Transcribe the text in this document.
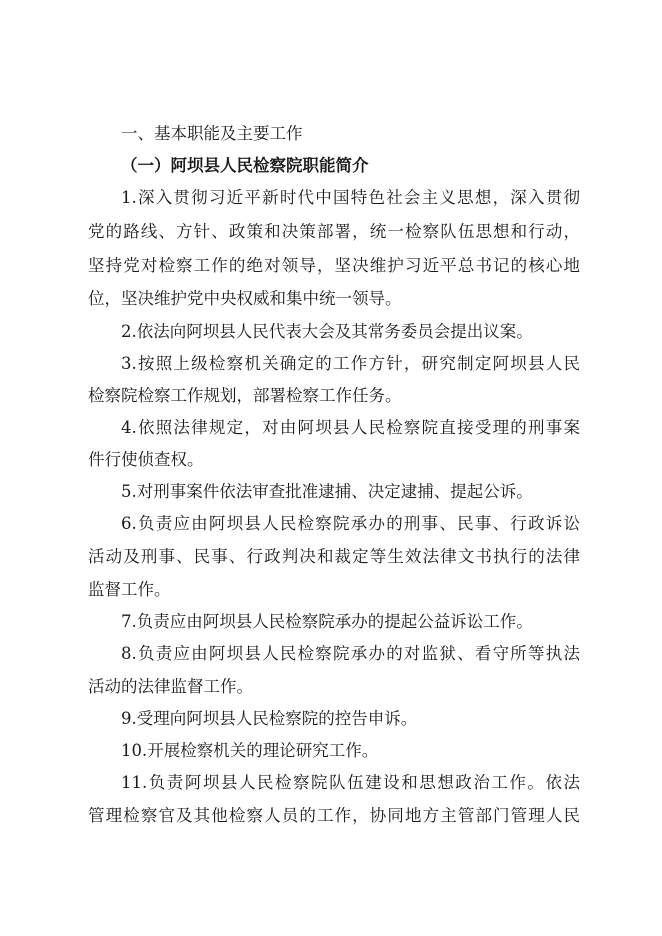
一、基本职能及主要工作
（一）阿坝县人民检察院职能简介
1.深入贯彻习近平新时代中国特色社会主义思想，深入贯彻
党的路线、方针、政策和决策部署，统一检察队伍思想和行动，
坚持党对检察工作的绝对领导，坚决维护习近平总书记的核心地
位，坚决维护党中央权威和集中统一领导。
2.依法向阿坝县人民代表大会及其常务委员会提出议案。
3.按照上级检察机关确定的工作方针，研究制定阿坝县人民
检察院检察工作规划，部署检察工作任务。
4.依照法律规定，对由阿坝县人民检察院直接受理的刑事案
件行使侦查权。
5.对刑事案件依法审查批准逮捕、决定逮捕、提起公诉。
6.负责应由阿坝县人民检察院承办的刑事、民事、行政诉讼
活动及刑事、民事、行政判决和裁定等生效法律文书执行的法律
监督工作。
7.负责应由阿坝县人民检察院承办的提起公益诉讼工作。
8.负责应由阿坝县人民检察院承办的对监狱、看守所等执法
活动的法律监督工作。
9.受理向阿坝县人民检察院的控告申诉。
10.开展检察机关的理论研究工作。
11.负责阿坝县人民检察院队伍建设和思想政治工作。依法
管理检察官及其他检察人员的工作，协同地方主管部门管理人民
